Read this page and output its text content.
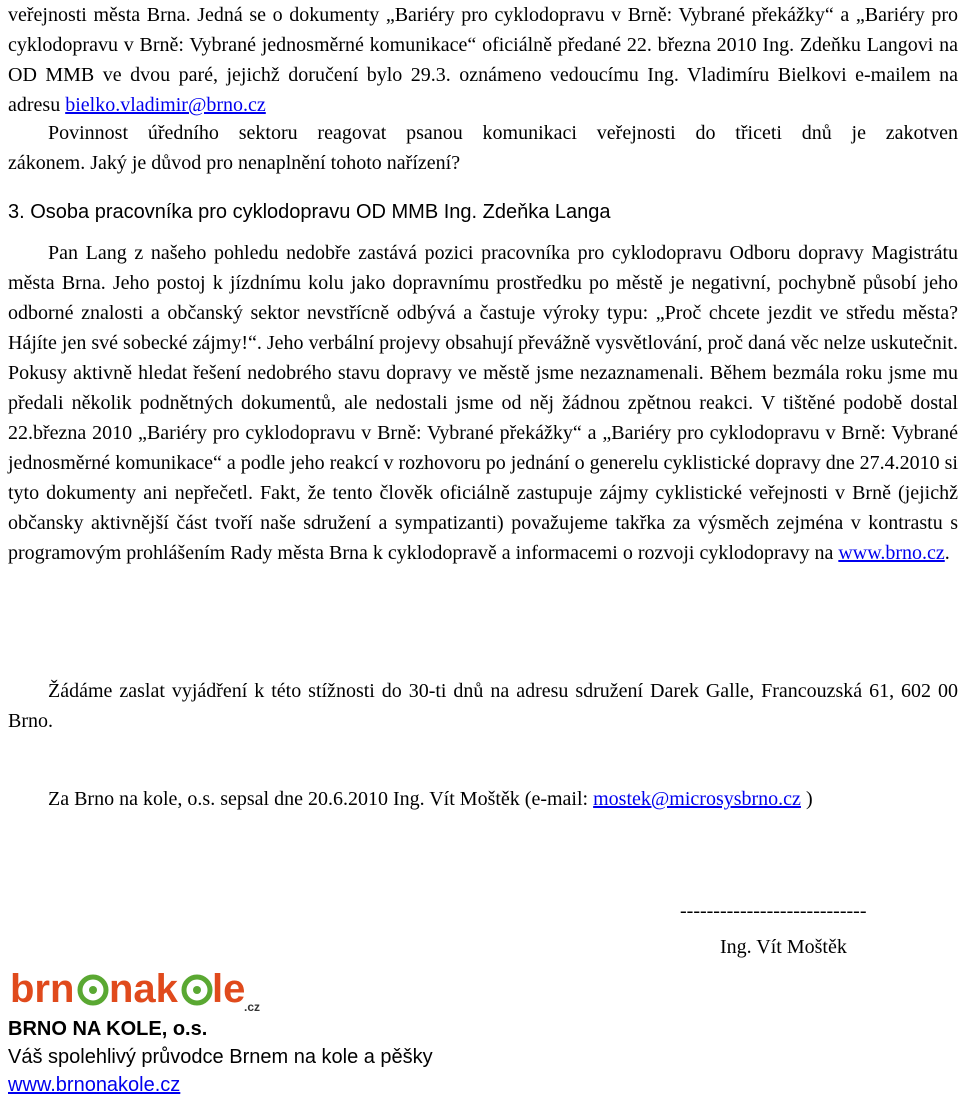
veřejnosti města Brna. Jedná se o dokumenty „Bariéry pro cyklodopravu v Brně: Vybrané překážky“ a „Bariéry pro cyklodopravu v Brně: Vybrané jednosměrné komunikace“ oficiálně předané 22. března 2010 Ing. Zdeňku Langovi na OD MMB ve dvou paré, jejichž doručení bylo 29.3. oznámeno vedoucímu Ing. Vladimíru Bielkovi e-mailem na adresu bielko.vladimir@brno.cz

Povinnost úředního sektoru reagovat psanou komunikaci veřejnosti do třiceti dnů je zakotven
zákonem. Jaký je důvod pro nenaplnění tohoto nařízení?

3. Osoba pracovníka pro cyklodopravu OD MMB Ing. Zdeňka Langa

Pan Lang z našeho pohledu nedobře zastává pozici pracovníka pro cyklodopravu Odboru dopravy Magistrátu města Brna. Jeho postoj k jízdnímu kolu jako dopravnímu prostředku po městě je negativní, pochybně působí jeho odborné znalosti a občanský sektor nevstřícně odbývá a častuje výroky typu: „Proč chcete jezdit ve středu města? Hájíte jen své sobecké zájmy!“. Jeho verbální projevy obsahují převážně vysvětlování, proč daná věc nelze uskutečnit. Pokusy aktivně hledat řešení nedobrého stavu dopravy ve městě jsme nezaznamenali. Během bezmála roku jsme mu předali několik podnětných dokumentů, ale nedostali jsme od něj žádnou zpětnou reakci. V tištěné podobě dostal 22.března 2010 „Bariéry pro cyklodopravu v Brně: Vybrané překážky“ a „Bariéry pro cyklodopravu v Brně: Vybrané jednosměrné komunikace“ a podle jeho reakcí v rozhovoru po jednání o generelu cyklistické dopravy dne 27.4.2010 si tyto dokumenty ani nepřečetl. Fakt, že tento člověk oficiálně zastupuje zájmy cyklistické veřejnosti v Brně (jejichž občansky aktivnější část tvoří naše sdružení a sympatizanti) považujeme takřka za výsměch zejména v kontrastu s programovým prohlášením Rady města Brna k cyklodopravě a informacemi o rozvoji cyklodopravy na www.brno.cz.

Žádáme zaslat vyjádření k této stížnosti do 30-ti dnů na adresu sdružení Darek Galle, Francouzská 61, 602 00 Brno.

Za Brno na kole, o.s. sepsal dne 20.6.2010 Ing. Vít Moštěk (e-mail: mostek@microsysbrno.cz )

----------------------------

Ing. Vít Moštěk

brn nak le
.cz

BRNO NA KOLE, o.s.

Váš spolehlivý průvodce Brnem na kole a pěšky

www.brnonakole.cz
